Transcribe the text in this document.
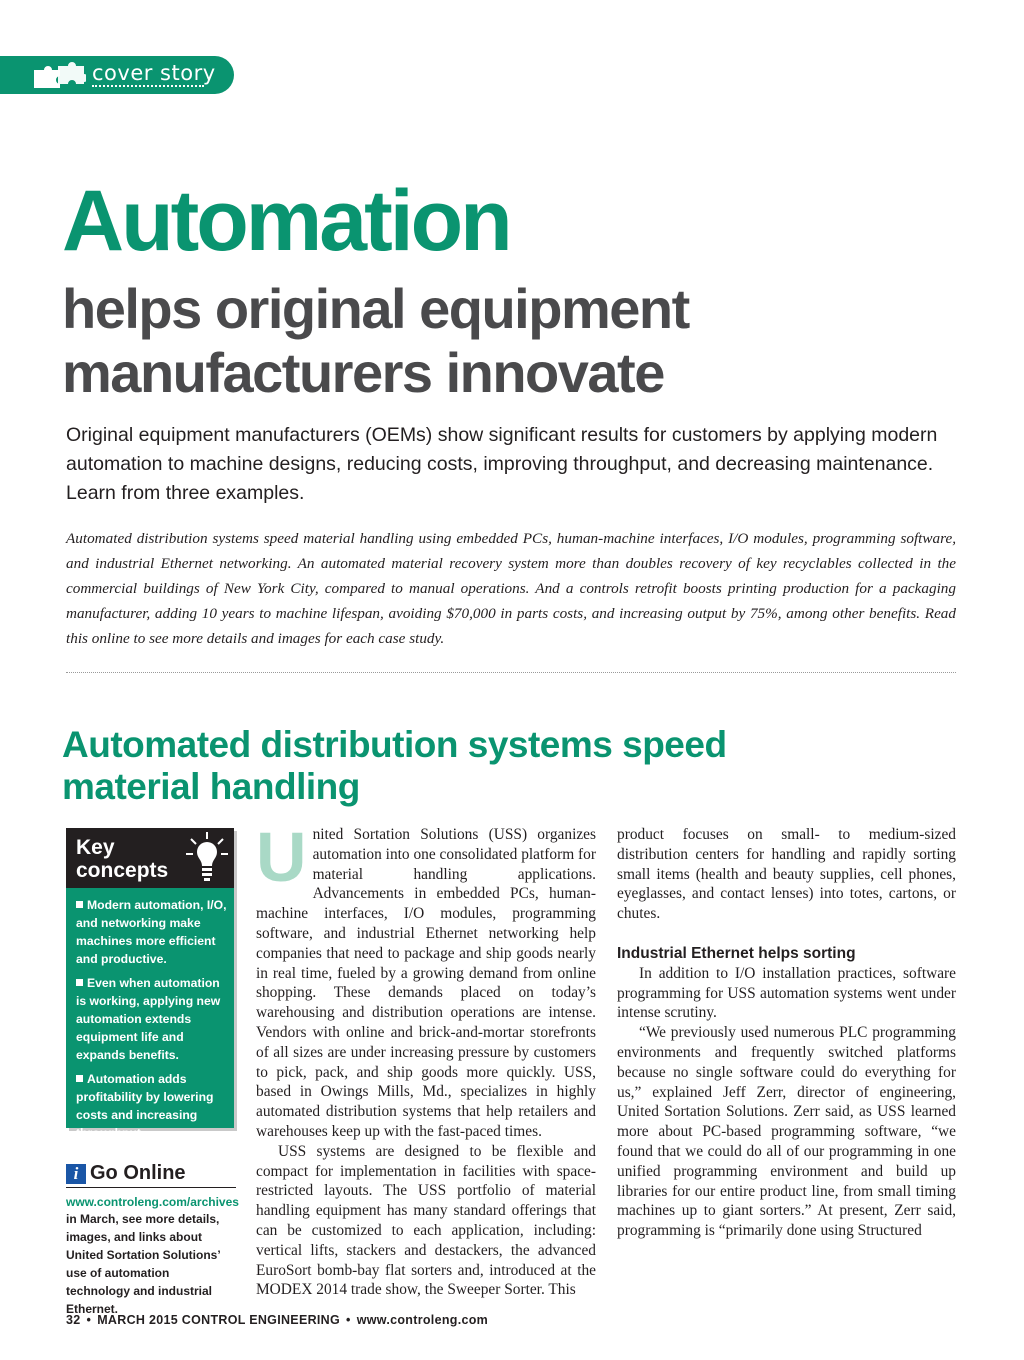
cover story
Automation
helps original equipment manufacturers innovate

Original equipment manufacturers (OEMs) show significant results for customers by applying modern automation to machine designs, reducing costs, improving throughput, and decreasing maintenance. Learn from three examples.

Automated distribution systems speed material handling using embedded PCs, human-machine interfaces, I/O modules, programming software, and industrial Ethernet networking. An automated material recovery system more than doubles recovery of key recyclables collected in the commercial buildings of New York City, compared to manual operations. And a controls retrofit boosts printing production for a packaging manufacturer, adding 10 years to machine lifespan, avoiding $70,000 in parts costs, and increasing output by 75%, among other benefits. Read this online to see more details and images for each case study.

Automated distribution systems speed material handling
Key concepts
Modern automation, I/O, and networking make machines more efficient and productive.
Even when automation is working, applying new automation extends equipment life and expands benefits.
Automation adds profitability by lowering costs and increasing throughput.
i Go Online
www.controleng.com/archives
in March, see more details, images, and links about United Sortation Solutions’ use of automation technology and industrial Ethernet.

United Sortation Solutions (USS) organizes automation into one consolidated platform for material handling applications. Advancements in embedded PCs, human-machine interfaces, I/O modules, programming software, and industrial Ethernet networking help companies that need to package and ship goods nearly in real time, fueled by a growing demand from online shopping. These demands placed on today’s warehousing and distribution operations are intense. Vendors with online and brick-and-mortar storefronts of all sizes are under increasing pressure by customers to pick, pack, and ship goods more quickly. USS, based in Owings Mills, Md., specializes in highly automated distribution systems that help retailers and warehouses keep up with the fast-paced times.

USS systems are designed to be flexible and compact for implementation in facilities with space-restricted layouts. The USS portfolio of material handling equipment has many standard offerings that can be customized to each application, including: vertical lifts, stackers and destackers, the advanced EuroSort bomb-bay flat sorters and, introduced at the MODEX 2014 trade show, the Sweeper Sorter. This

product focuses on small- to medium-sized distribution centers for handling and rapidly sorting small items (health and beauty supplies, cell phones, eyeglasses, and contact lenses) into totes, cartons, or chutes.

Industrial Ethernet helps sorting

In addition to I/O installation practices, software programming for USS automation systems went under intense scrutiny.

“We previously used numerous PLC programming environments and frequently switched platforms because no single software could do everything for us,” explained Jeff Zerr, director of engineering, United Sortation Solutions. Zerr said, as USS learned more about PC-based programming software, “we found that we could do all of our programming in one unified programming environment and build up libraries for our entire product line, from small timing machines up to giant sorters.” At present, Zerr said, programming is “primarily done using Structured

32 • MARCH 2015 CONTROL ENGINEERING • www.controleng.com
